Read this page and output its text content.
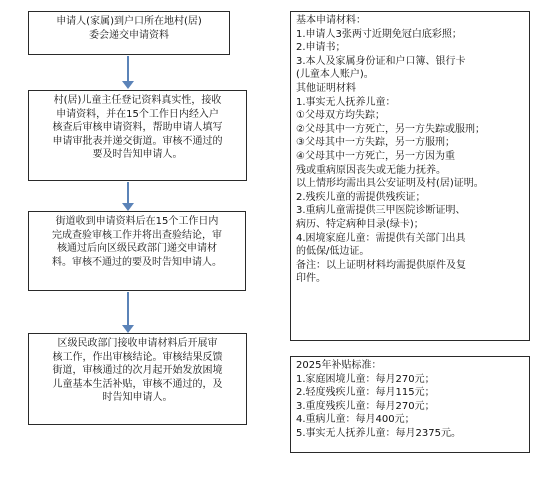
申请人(家属)到户口所在地村(居)
委会递交申请资料
村(居)儿童主任登记资料真实性，接收
申请资料，并在15个工作日内经入户
核查后审核申请资料，帮助申请人填写
申请审批表并递交街道。审核不通过的
要及时告知申请人。
街道收到申请资料后在15个工作日内
完成查验审核工作并将出查验结论，审
核通过后向区级民政部门递交申请材
料。审核不通过的要及时告知申请人。
区级民政部门接收申请材料后开展审
核工作，作出审核结论。审核结果反馈
街道，审核通过的次月起开始发放困境
儿童基本生活补贴，审核不通过的，及
时告知申请人。
基本申请材料：
1.申请人3张两寸近期免冠白底彩照；
2.申请书；
3.本人及家属身份证和户口簿、银行卡
(儿童本人账户)。
其他证明材料
1.事实无人抚养儿童：
①父母双方均失踪；
②父母其中一方死亡，另一方失踪或服刑；
③父母其中一方失踪，另一方服刑；
④父母其中一方死亡，另一方因为重
残或重病原因丧失或无能力抚养。
以上情形均需出具公安证明及村(居)证明。
2.残疾儿童的需提供残疾证；
3.重病儿童需提供三甲医院诊断证明、
病历、特定病种目录(绿卡)；
4.困境家庭儿童：需提供有关部门出具
的低保/低边证。
备注：以上证明材料均需提供原件及复
印件。
2025年补贴标准：
1.家庭困境儿童：每月270元；
2.轻度残疾儿童：每月115元；
3.重度残疾儿童：每月270元；
4.重病儿童：每月400元；
5.事实无人抚养儿童：每月2375元。
